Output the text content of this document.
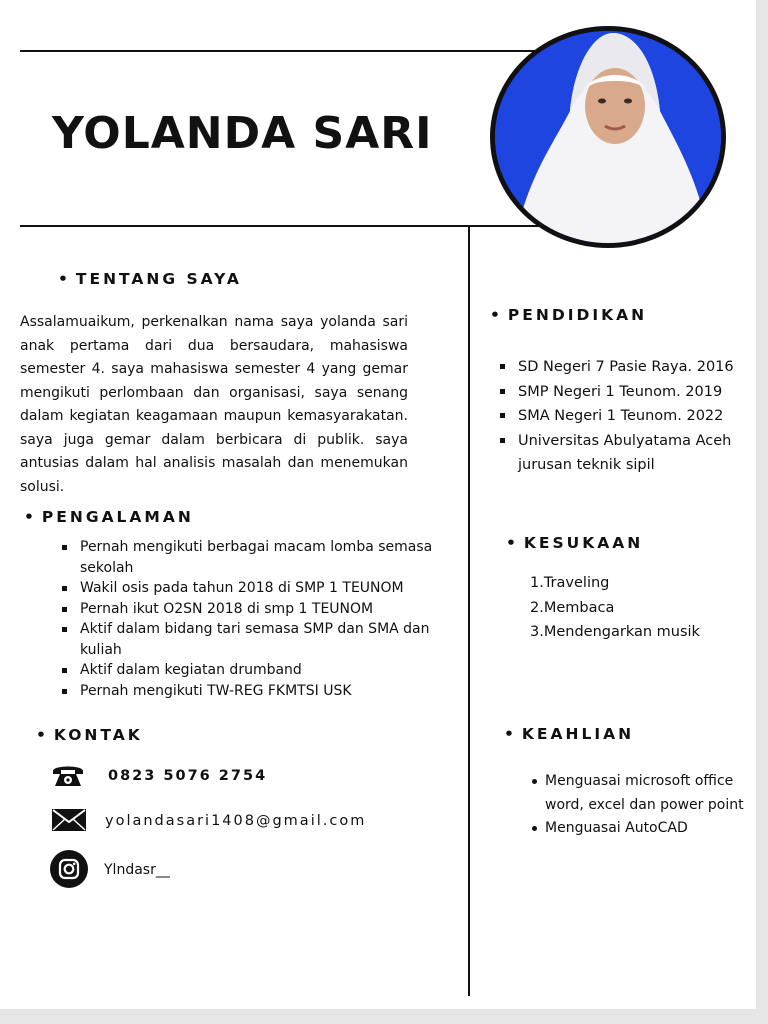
YOLANDA SARI
• TENTANG SAYA
Assalamuaikum, perkenalkan nama saya yolanda sari anak pertama dari dua bersaudara, mahasiswa semester 4. saya mahasiswa semester 4 yang gemar mengikuti perlombaan dan organisasi, saya senang dalam kegiatan keagamaan maupun kemasyarakatan. saya juga gemar dalam berbicara di publik. saya antusias dalam hal analisis masalah dan menemukan solusi.
• PENGALAMAN
Pernah mengikuti berbagai macam lomba semasa sekolah
Wakil osis pada tahun 2018 di SMP 1 TEUNOM
Pernah ikut O2SN 2018 di smp 1 TEUNOM
Aktif dalam bidang tari semasa SMP dan SMA dan kuliah
Aktif dalam kegiatan drumband
Pernah mengikuti TW-REG FKMTSI USK
• KONTAK
0823 5076 2754
yolandasari1408@gmail.com
Ylndasr__
• PENDIDIKAN
SD Negeri 7 Pasie Raya. 2016
SMP Negeri 1 Teunom. 2019
SMA Negeri 1 Teunom. 2022
Universitas Abulyatama Aceh jurusan teknik sipil
• KESUKAAN
1.Traveling
2.Membaca
3.Mendengarkan musik
• KEAHLIAN
Menguasai microsoft office word, excel dan power point
Menguasai AutoCAD
